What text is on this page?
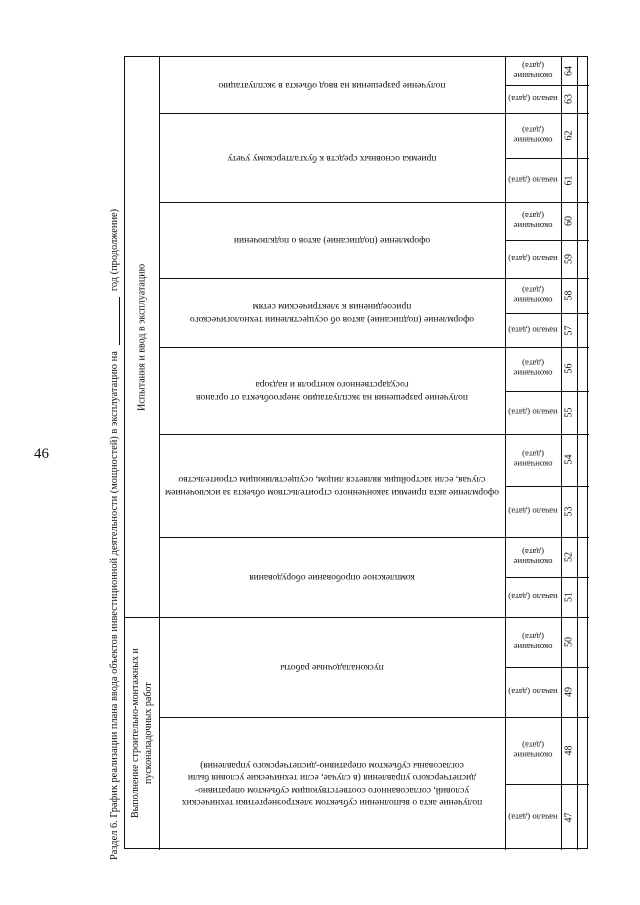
46	Раздел 6. График реализации плана ввода объектов инвестиционной деятельности (мощностей) в эксплуатацию на
год (продолжение)
Испытания и ввод в эксплуатацию
Выполнение строительно-монтажных и пусконаладочных работ
получение разрешения на ввод объекта в эксплуатацию
окончание (дата)
начало (дата)
64
63
приемка основных средств к бухгалтерскому учету
окончание (дата)
начало (дата)
62
61
оформление (подписание) актов о подключении
окончание (дата)
начало (дата)
60
59
оформление (подписание) актов об осуществлении технологического присоединения к электрическим сетям
окончание (дата)
начало (дата)
58
57
получение разрешения на эксплуатацию энергообъекта от органов государственного контроля и надзора
окончание (дата)
начало (дата)
56
55
оформление акта приемки законченного строительством объекта за исключением случая, если застройщик является лицом, осуществляющим строительство
окончание (дата)
начало (дата)
54
53
комплексное опробование оборудования
окончание (дата)
начало (дата)
52
51
пусконаладочные работы
окончание (дата)
начало (дата)
50
49
получение акта о выполнении субъектом электроэнергетики технических условий, согласованного соответствующим субъектом оперативно-диспетчерского управления (в случае, если технические условия были согласованы субъектом оперативно-диспетчерского управления)
окончание (дата)
начало (дата)
48
47
